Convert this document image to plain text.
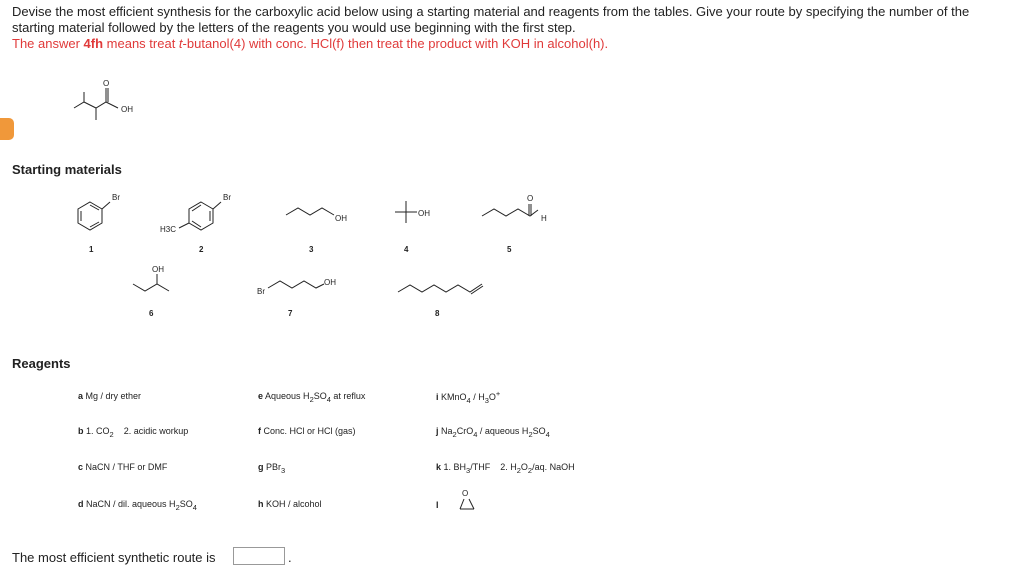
Devise the most efficient synthesis for the carboxylic acid below using a starting material and reagents from the tables. Give your route by specifying the number of the starting material followed by the letters of the reagents you would use beginning with the first step.
The answer 4fh means treat t-butanol(4) with conc. HCl(f) then treat the product with KOH in alcohol(h).
O
OH
Starting materials
Br
1
Br
H3C
2
OH
3
OH
4
O
H
5
OH
6
Br
OH
7	8
Reagents
a Mg / dry ether
b 1. $CO_2$    2. acidic workup
c NaCN / THF or DMF
d NaCN / dil. aqueous $H_2SO_4$
e Aqueous $H_2SO_4$ at reflux
f Conc. HCl or HCl (gas)
g PBr$_3$
h KOH / alcohol
i KMnO$_4$ / $H_3O^+$
j $Na_2CrO_4$ / aqueous $H_2SO_4$
k 1. $BH_3$/THF    2. $H_2O_2/aq$. NaOH
l
O
The most efficient synthetic route is	.
